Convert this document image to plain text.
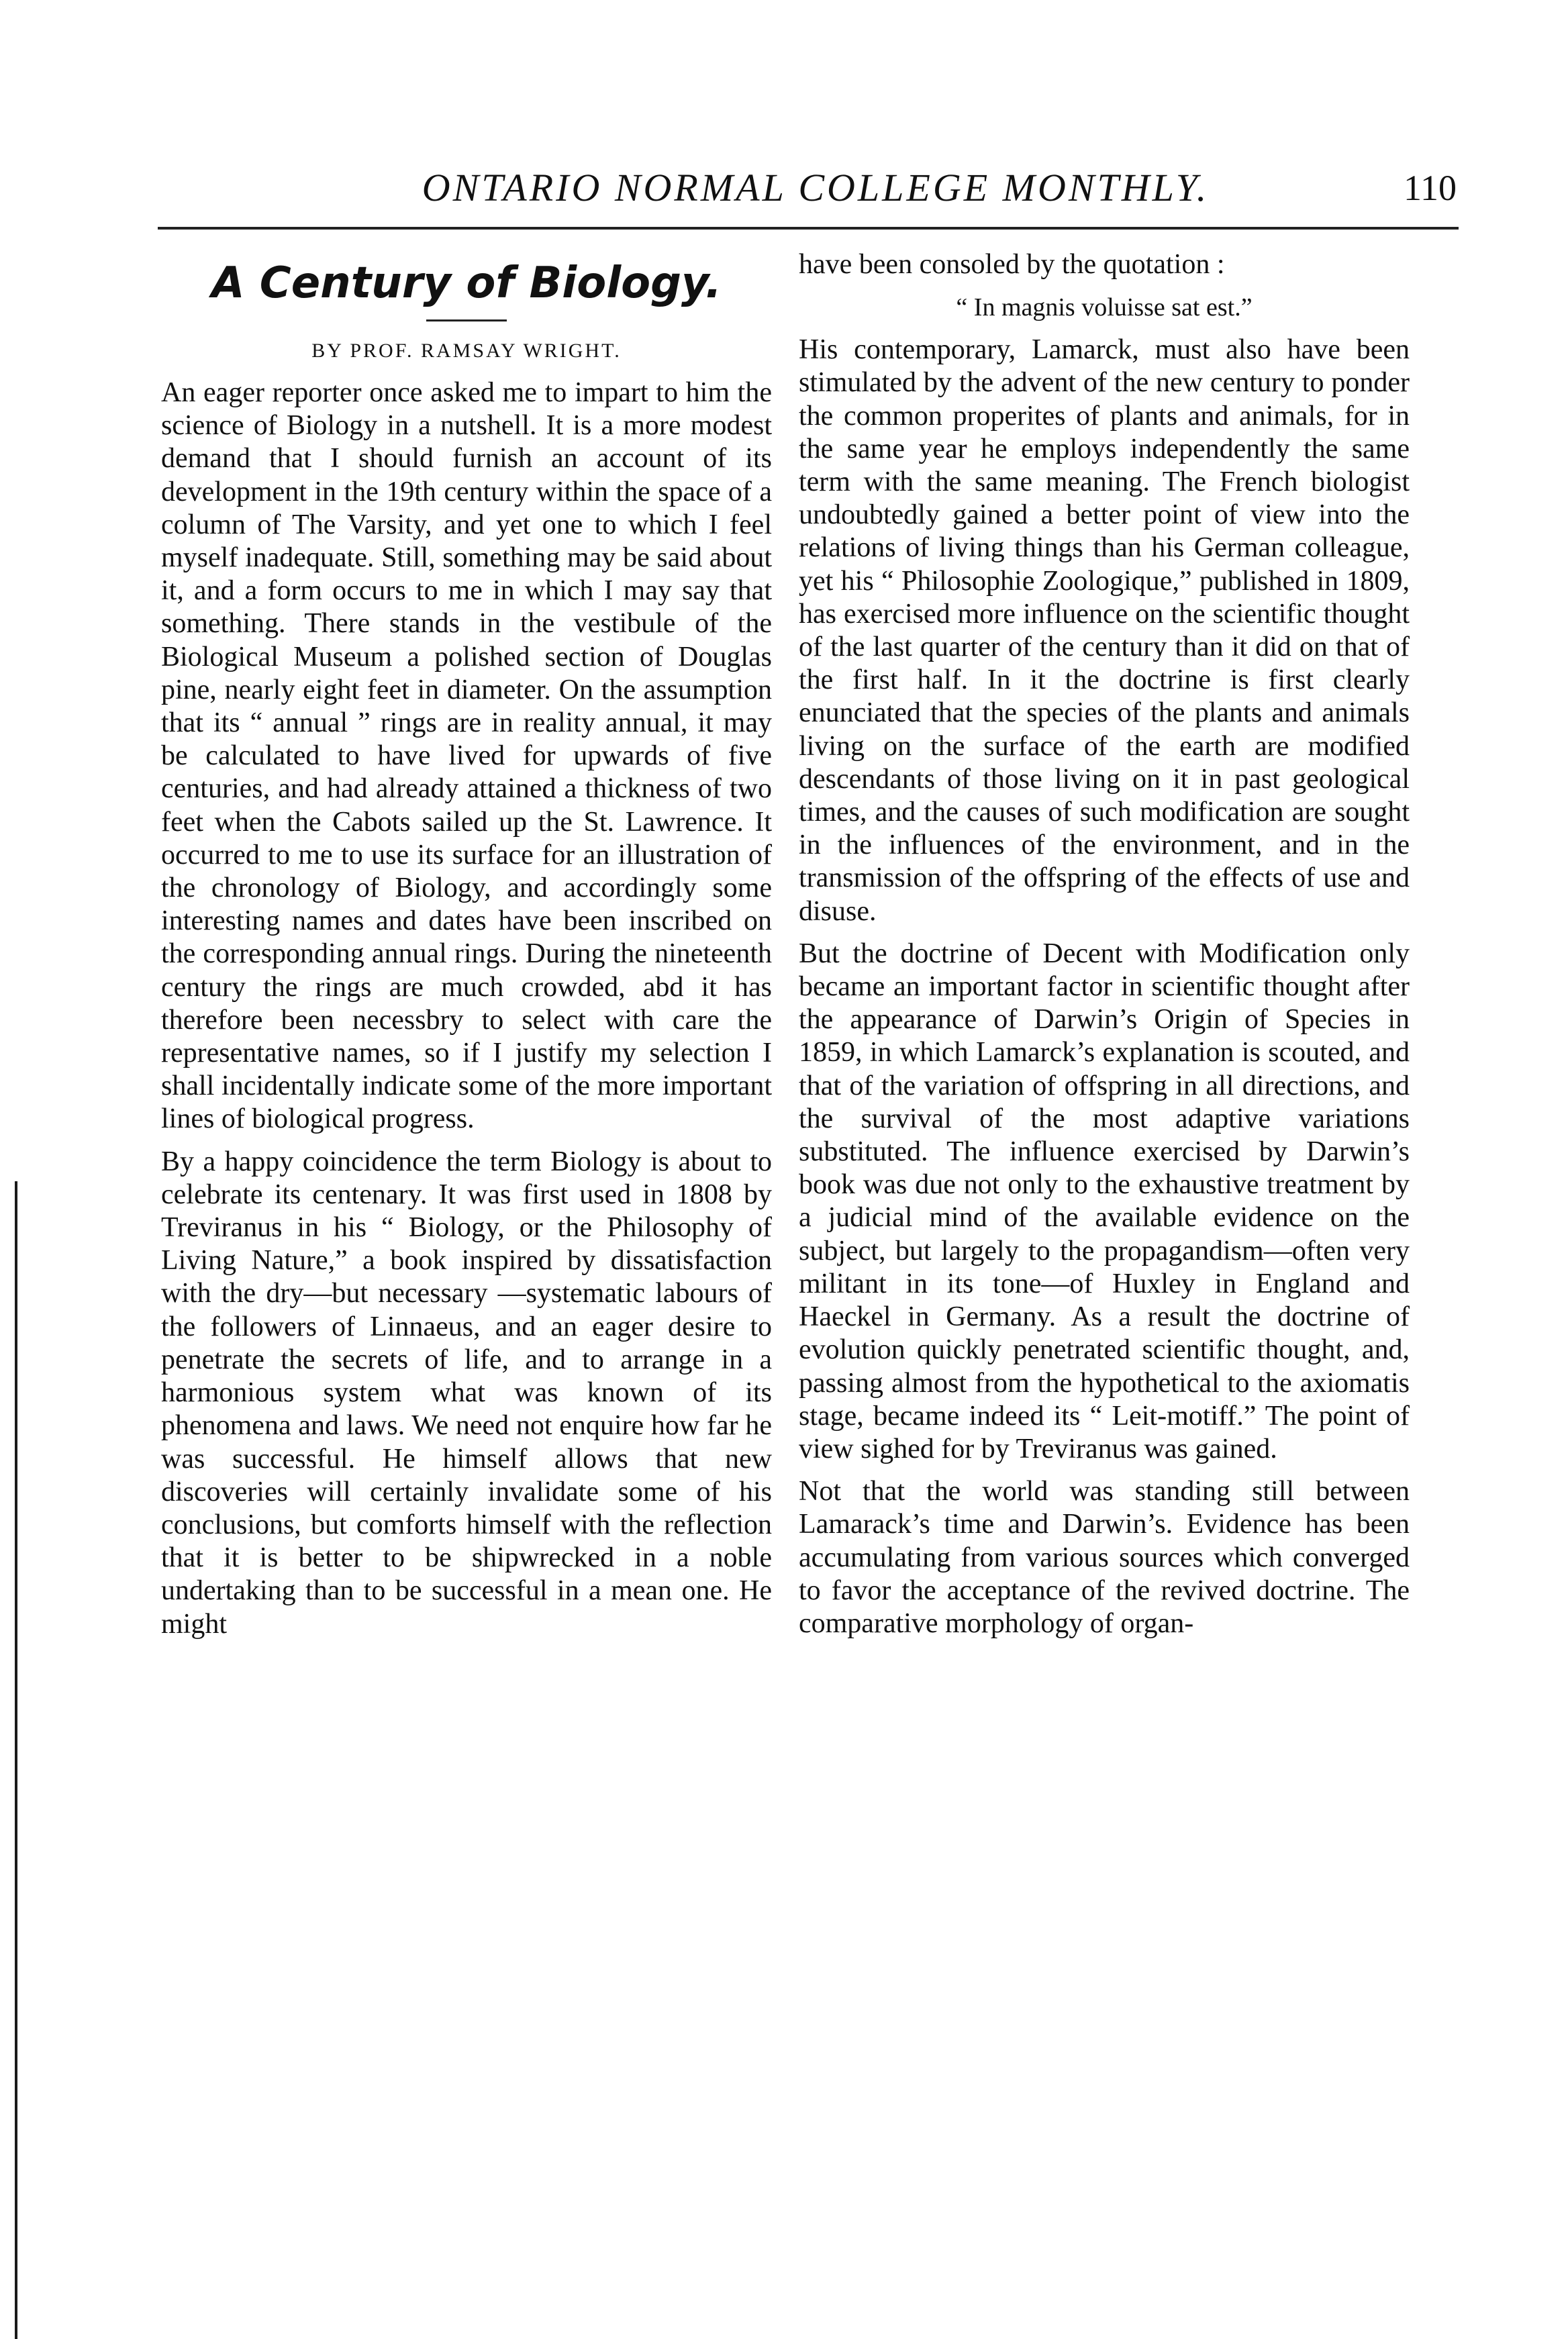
ONTARIO NORMAL COLLEGE MONTHLY.	110
A Century of Biology.
BY PROF. RAMSAY WRIGHT.

An eager reporter once asked me to impart to him the science of Biology in a nutshell. It is a more modest demand that I should furnish an account of its development in the 19th century within the space of a column of The Varsity, and yet one to which I feel myself inadequate. Still, something may be said about it, and a form occurs to me in which I may say that something. There stands in the vestibule of the Biological Museum a polished section of Douglas pine, nearly eight feet in diameter. On the assumption that its “ annual ” rings are in reality annual, it may be calculated to have lived for upwards of five centuries, and had already attained a thickness of two feet when the Cabots sailed up the St. Lawrence. It occurred to me to use its surface for an illustration of the chronology of Biology, and accordingly some interesting names and dates have been inscribed on the corresponding annual rings. During the nineteenth century the rings are much crowded, abd it has therefore been necessbry to select with care the representative names, so if I justify my selection I shall incidentally indicate some of the more important lines of biological progress.

By a happy coincidence the term Biology is about to celebrate its centenary. It was first used in 1808 by Treviranus in his “ Biology, or the Philosophy of Living Nature,” a book inspired by dissatisfaction with the dry—but necessary —systematic labours of the followers of Linnaeus, and an eager desire to penetrate the secrets of life, and to arrange in a harmonious system what was known of its phenomena and laws. We need not enquire how far he was successful. He himself allows that new discoveries will certainly invalidate some of his conclusions, but comforts himself with the reflection that it is better to be shipwrecked in a noble undertaking than to be successful in a mean one. He might

have been consoled by the quotation :

“ In magnis voluisse sat est.”

His contemporary, Lamarck, must also have been stimulated by the advent of the new century to ponder the common properites of plants and animals, for in the same year he employs independently the same term with the same meaning. The French biologist undoubtedly gained a better point of view into the relations of living things than his German colleague, yet his “ Philosophie Zoologique,” published in 1809, has exercised more influence on the scientific thought of the last quarter of the century than it did on that of the first half. In it the doctrine is first clearly enunciated that the species of the plants and animals living on the surface of the earth are modified descendants of those living on it in past geological times, and the causes of such modification are sought in the influences of the environment, and in the transmission of the offspring of the effects of use and disuse.

But the doctrine of Decent with Modification only became an important factor in scientific thought after the appearance of Darwin’s Origin of Species in 1859, in which Lamarck’s explanation is scouted, and that of the variation of offspring in all directions, and the survival of the most adaptive variations substituted. The influence exercised by Darwin’s book was due not only to the exhaustive treatment by a judicial mind of the available evidence on the subject, but largely to the propagandism—often very militant in its tone—of Huxley in England and Haeckel in Germany. As a result the doctrine of evolution quickly penetrated scientific thought, and, passing almost from the hypothetical to the axiomatis stage, became indeed its “ Leit-motiff.” The point of view sighed for by Treviranus was gained.

Not that the world was standing still between Lamarack’s time and Darwin’s. Evidence has been accumulating from various sources which converged to favor the acceptance of the revived doctrine. The comparative morphology of organ-
